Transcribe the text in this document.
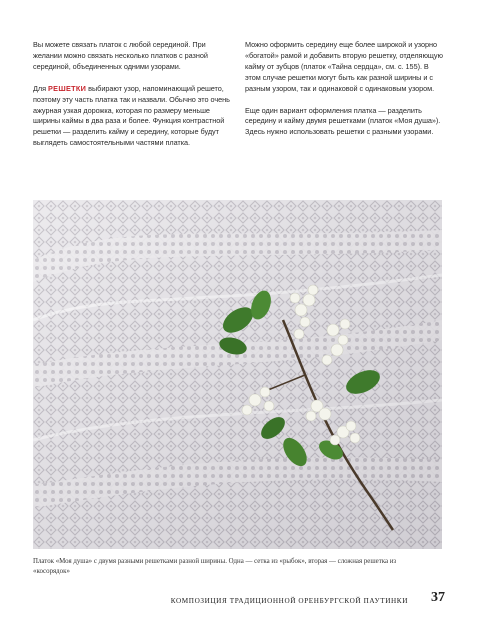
Вы можете связать платок с любой серединой. При желании можно связать несколько платков с разной серединой, объединенных одними узорами.

Для РЕШЕТКИ выбирают узор, напоминающий решето, поэтому эту часть платка так и назвали. Обычно это очень ажурная узкая дорожка, которая по размеру меньше ширины каймы в два раза и более. Функция контрастной решетки — разделить кайму и середину, которые будут выглядеть самостоятельными частями платка.

Можно оформить середину еще более широкой и узорно «богатой» рамой и добавить вторую решетку, отделяющую кайму от зубцов (платок «Тайна сердца», см. с. 155). В этом случае решетки могут быть как разной ширины и с разным узором, так и одинаковой с одинаковым узором.

Еще один вариант оформления платка — разделить середину и кайму двумя решетками (платок «Моя душа»). Здесь нужно использовать решетки с разными узорами.

Платок «Моя душа» с двумя разными решетками разной ширины. Одна — сетка из «рыбок», вторая — сложная решетка из «косорядок»
КОМПОЗИЦИЯ ТРАДИЦИОННОЙ ОРЕНБУРГСКОЙ ПАУТИНКИ	37
